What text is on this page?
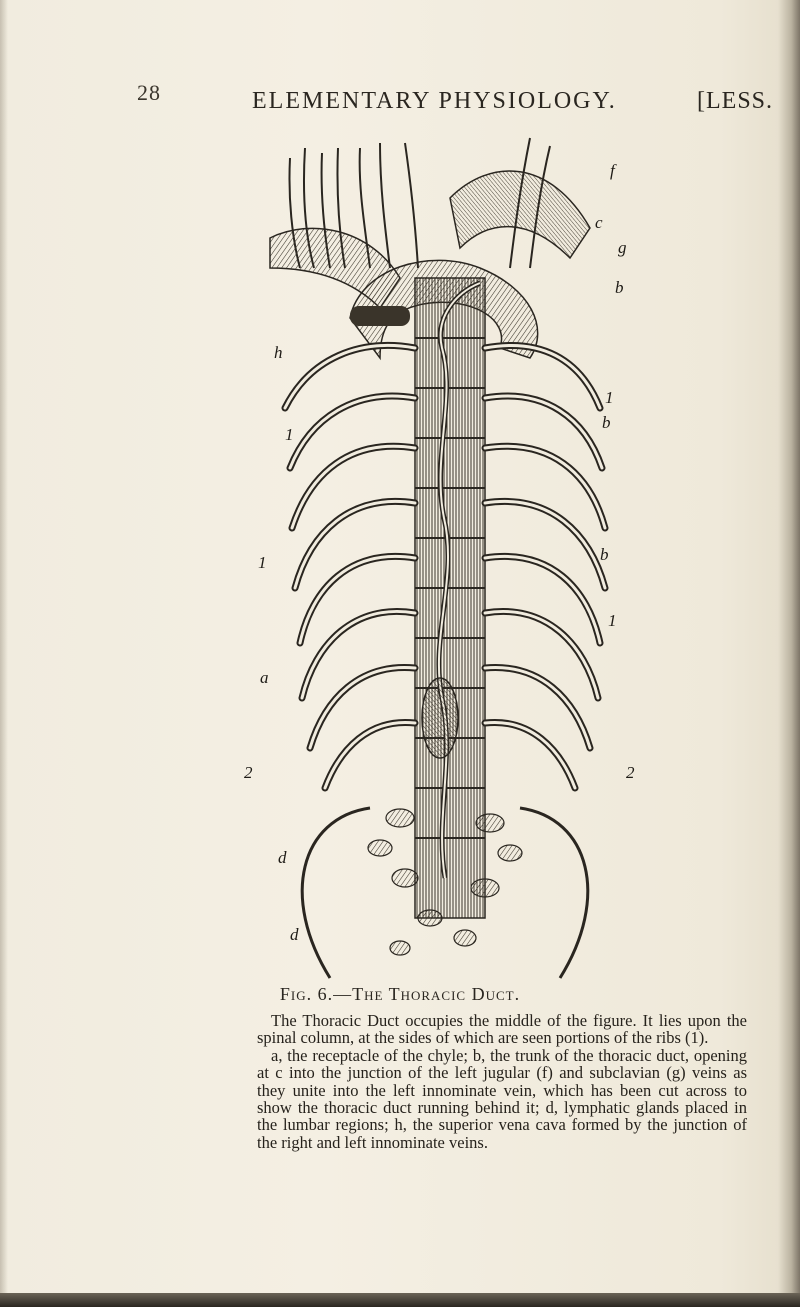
28	ELEMENTARY PHYSIOLOGY.	[LESS.
f
c
g
b
h
1
b
1
1	b
1
a
2	2
d
d
Fig. 6.—The Thoracic Duct.

The Thoracic Duct occupies the middle of the figure. It lies upon the spinal column, at the sides of which are seen portions of the ribs (1).

a, the receptacle of the chyle; b, the trunk of the thoracic duct, opening at c into the junction of the left jugular (f) and subclavian (g) veins as they unite into the left innominate vein, which has been cut across to show the thoracic duct running behind it; d, lymphatic glands placed in the lumbar regions; h, the superior vena cava formed by the junction of the right and left innominate veins.
